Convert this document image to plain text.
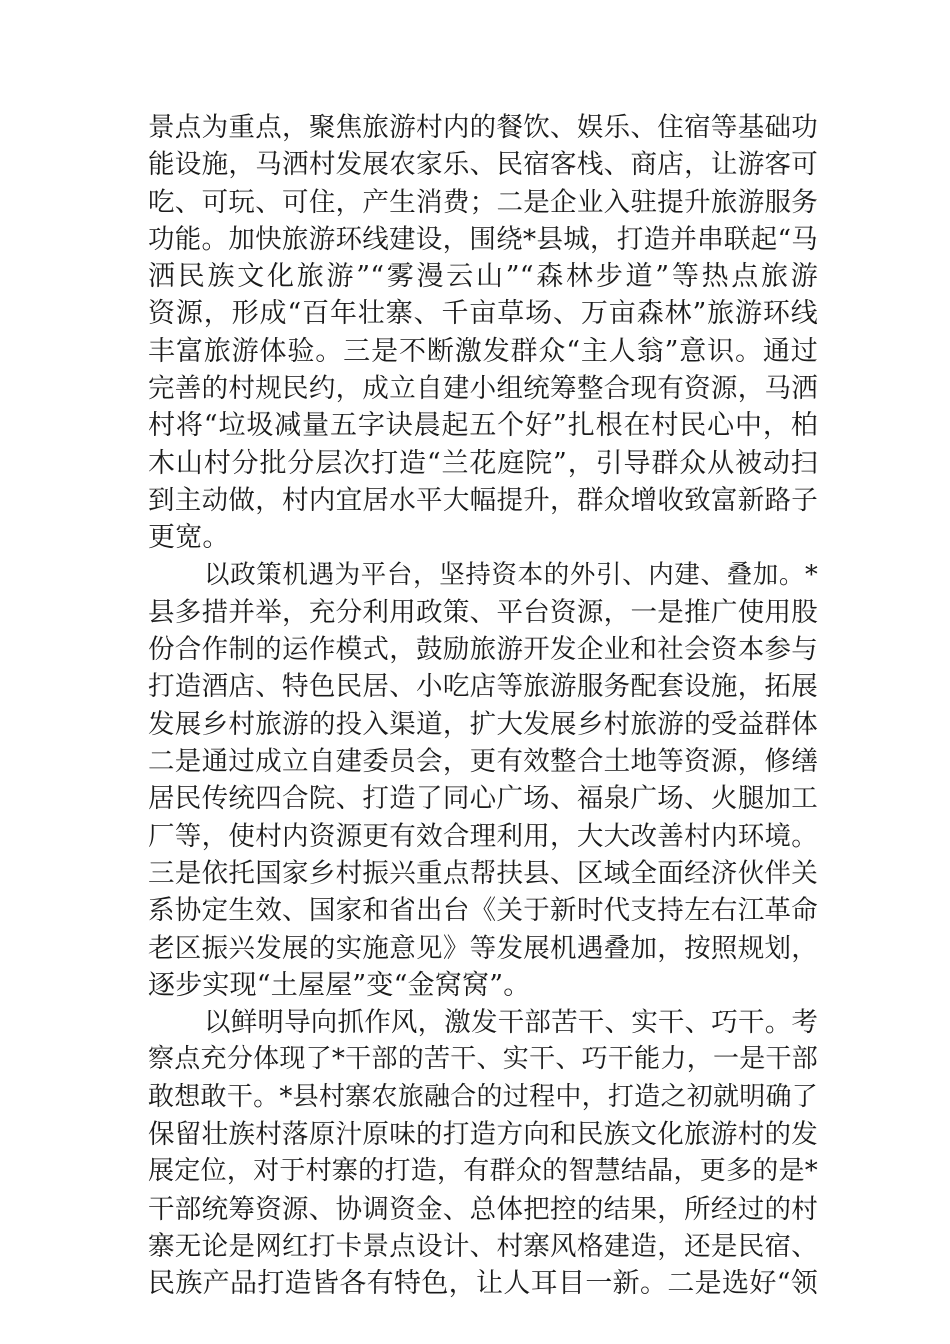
景点为重点，聚焦旅游村内的餐饮、娱乐、住宿等基础功
能设施，马洒村发展农家乐、民宿客栈、商店，让游客可
吃、可玩、可住，产生消费；二是企业入驻提升旅游服务
功能。加快旅游环线建设，围绕*县城，打造并串联起“马
洒民族文化旅游”“雾漫云山”“森林步道”等热点旅游
资源，形成“百年壮寨、千亩草场、万亩森林”旅游环线
丰富旅游体验。三是不断激发群众“主人翁”意识。通过
完善的村规民约，成立自建小组统筹整合现有资源，马洒
村将“垃圾减量五字诀晨起五个好”扎根在村民心中，柏
木山村分批分层次打造“兰花庭院”，引导群众从被动扫
到主动做，村内宜居水平大幅提升，群众增收致富新路子
更宽。
以政策机遇为平台，坚持资本的外引、内建、叠加。*
县多措并举，充分利用政策、平台资源，一是推广使用股
份合作制的运作模式，鼓励旅游开发企业和社会资本参与
打造酒店、特色民居、小吃店等旅游服务配套设施，拓展
发展乡村旅游的投入渠道，扩大发展乡村旅游的受益群体
二是通过成立自建委员会，更有效整合土地等资源，修缮
居民传统四合院、打造了同心广场、福泉广场、火腿加工
厂等，使村内资源更有效合理利用，大大改善村内环境。
三是依托国家乡村振兴重点帮扶县、区域全面经济伙伴关
系协定生效、国家和省出台《关于新时代支持左右江革命
老区振兴发展的实施意见》等发展机遇叠加，按照规划，
逐步实现“土屋屋”变“金窝窝”。
以鲜明导向抓作风，激发干部苦干、实干、巧干。考
察点充分体现了*干部的苦干、实干、巧干能力，一是干部
敢想敢干。*县村寨农旅融合的过程中，打造之初就明确了
保留壮族村落原汁原味的打造方向和民族文化旅游村的发
展定位，对于村寨的打造，有群众的智慧结晶，更多的是*
干部统筹资源、协调资金、总体把控的结果，所经过的村
寨无论是网红打卡景点设计、村寨风格建造，还是民宿、
民族产品打造皆各有特色，让人耳目一新。二是选好“领
